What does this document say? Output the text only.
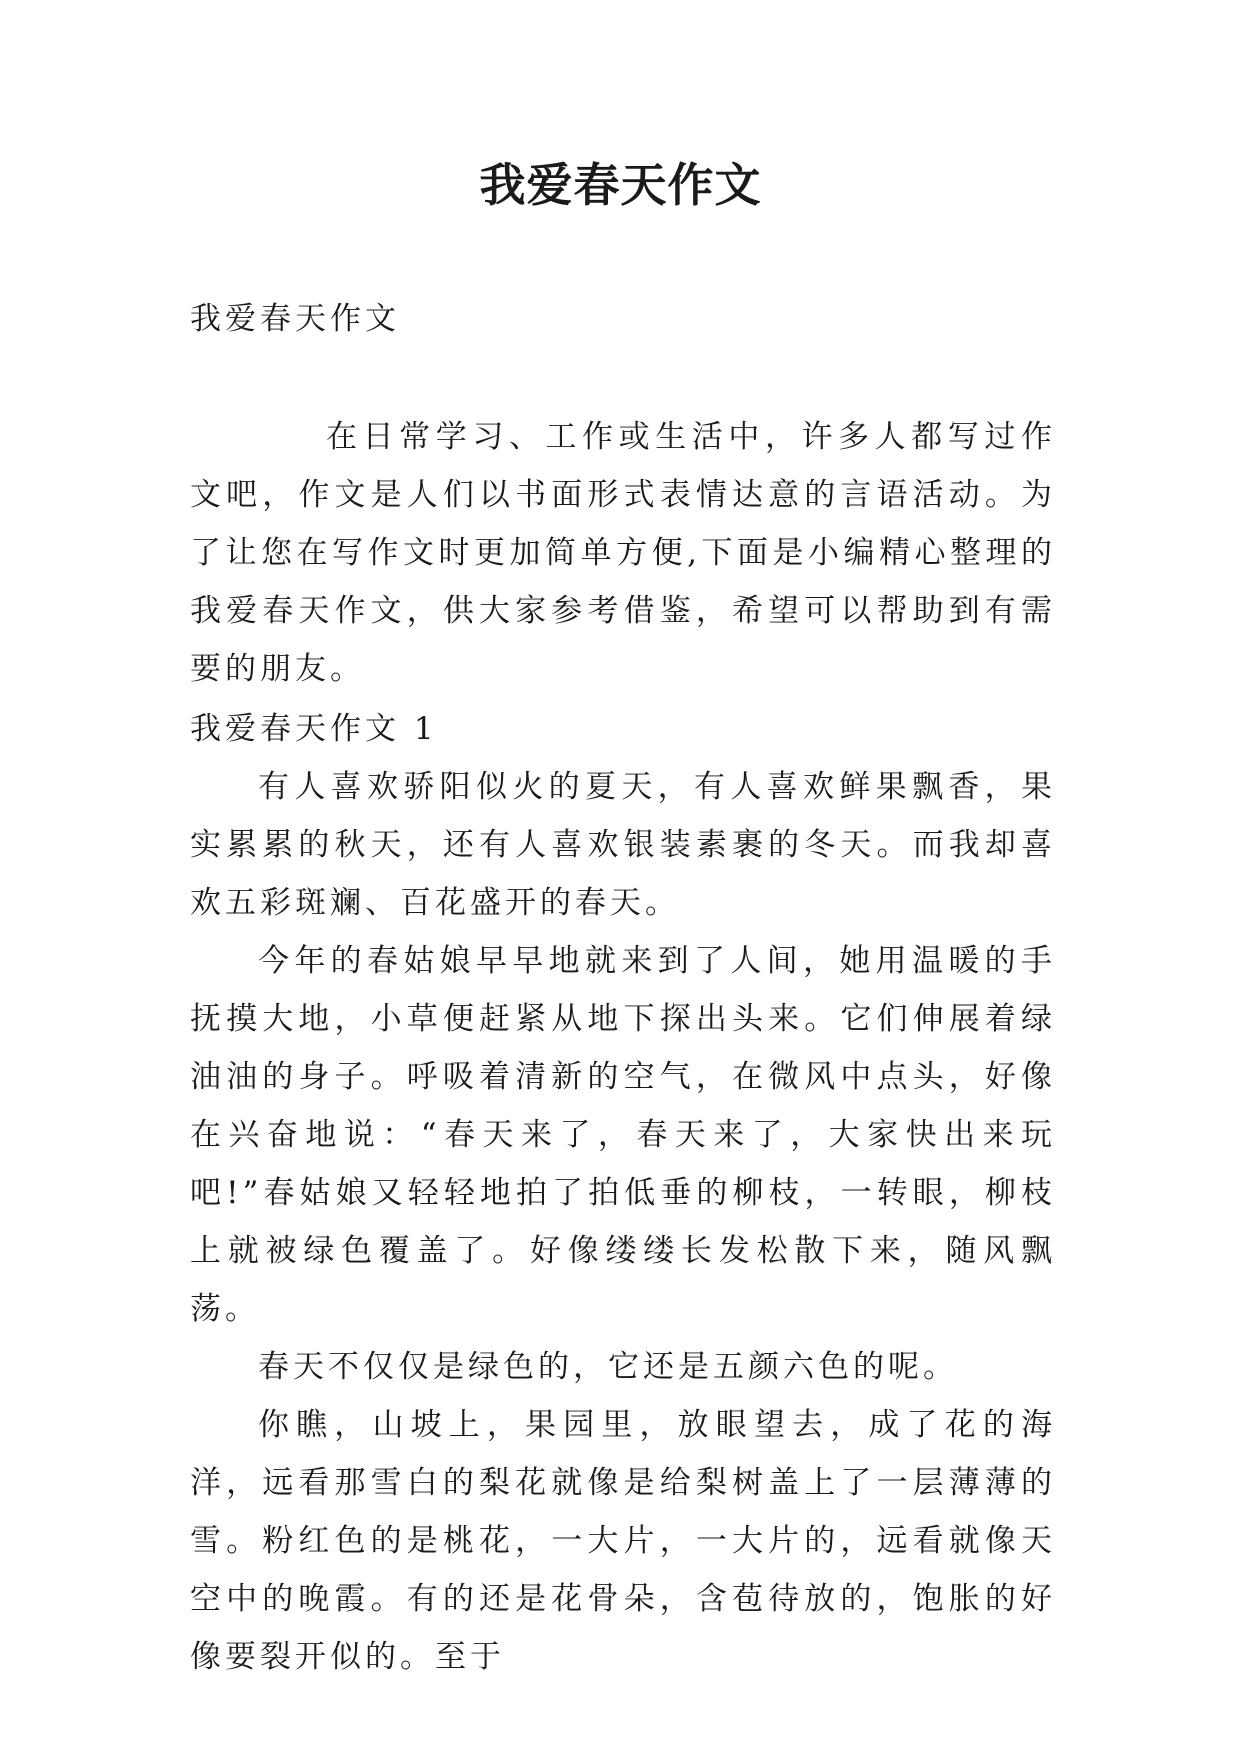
我爱春天作文

我爱春天作文

在日常学习、工作或生活中，许多人都写过作文吧，作文是人们以书面形式表情达意的言语活动。为了让您在写作文时更加简单方便,下面是小编精心整理的我爱春天作文，供大家参考借鉴，希望可以帮助到有需要的朋友。

我爱春天作文 1

有人喜欢骄阳似火的夏天，有人喜欢鲜果飘香，果实累累的秋天，还有人喜欢银装素裹的冬天。而我却喜欢五彩斑斓、百花盛开的春天。

今年的春姑娘早早地就来到了人间，她用温暖的手抚摸大地，小草便赶紧从地下探出头来。它们伸展着绿油油的身子。呼吸着清新的空气，在微风中点头，好像在兴奋地说：“春天来了，春天来了，大家快出来玩吧!”春姑娘又轻轻地拍了拍低垂的柳枝，一转眼，柳枝上就被绿色覆盖了。好像缕缕长发松散下来，随风飘荡。

春天不仅仅是绿色的，它还是五颜六色的呢。

你瞧，山坡上，果园里，放眼望去，成了花的海洋，远看那雪白的梨花就像是给梨树盖上了一层薄薄的雪。粉红色的是桃花，一大片，一大片的，远看就像天空中的晚霞。有的还是花骨朵，含苞待放的，饱胀的好像要裂开似的。至于
